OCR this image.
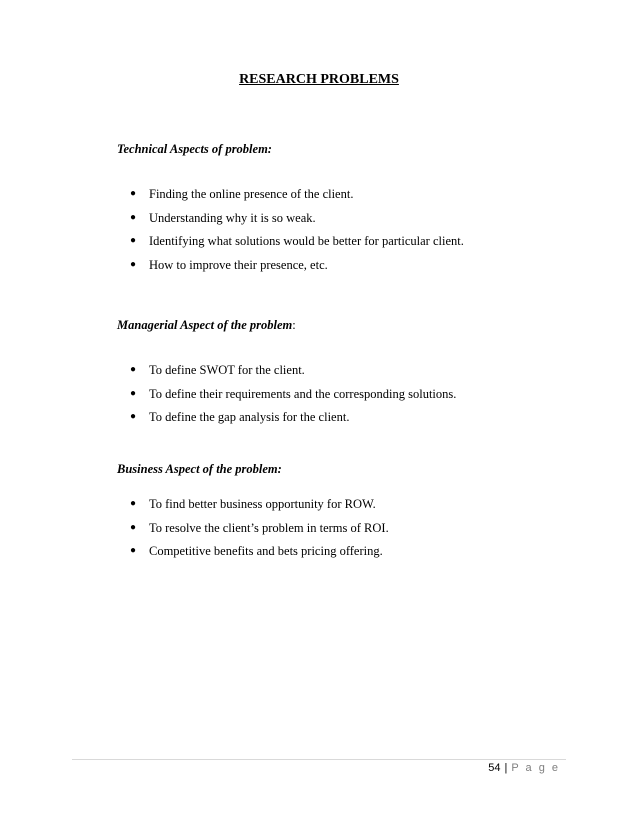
RESEARCH PROBLEMS

Technical Aspects of problem:

● Finding the online presence of the client.
● Understanding why it is so weak.
● Identifying what solutions would be better for particular client.
● How to improve their presence, etc.

Managerial Aspect of the problem:

● To define SWOT for the client.
● To define their requirements and the corresponding solutions.
● To define the gap analysis for the client.

Business Aspect of the problem:

● To find better business opportunity for ROW.
● To resolve the client’s problem in terms of ROI.
● Competitive benefits and bets pricing offering.
54 | P a g e
